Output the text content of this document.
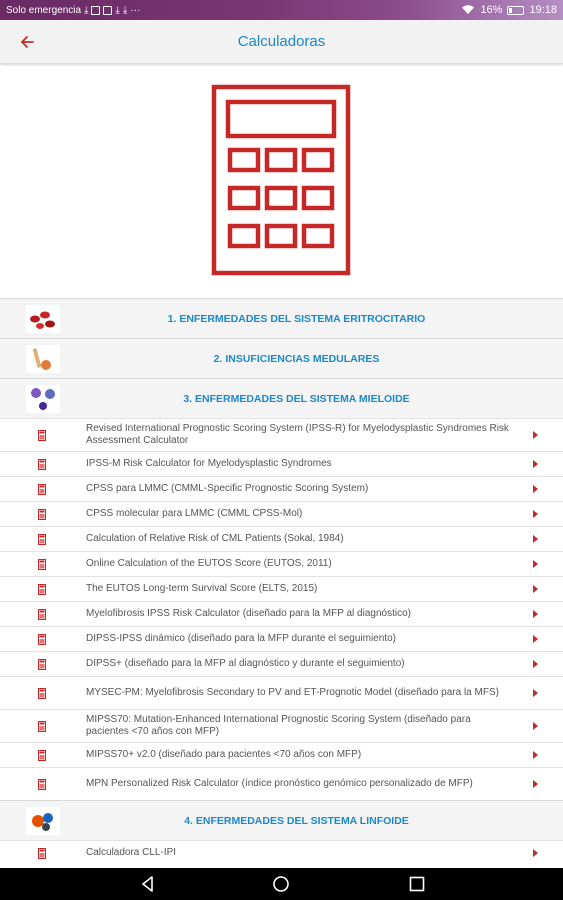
Solo emergencia ⤓	⤓ ⤓ ···	16% 19:18
Calculadoras
1. ENFERMEDADES DEL SISTEMA ERITROCITARIO
2. INSUFICIENCIAS MEDULARES
3. ENFERMEDADES DEL SISTEMA MIELOIDE
Revised International Prognostic Scoring System (IPSS-R) for Myelodysplastic Syndromes Risk Assessment Calculator
IPSS-M Risk Calculator for Myelodysplastic Syndromes
CPSS para LMMC (CMML-Specific Prognostic Scoring System)
CPSS molecular para LMMC (CMML CPSS-Mol)
Calculation of Relative Risk of CML Patients (Sokal, 1984)
Online Calculation of the EUTOS Score (EUTOS, 2011)
The EUTOS Long-term Survival Score (ELTS, 2015)
Myelofibrosis IPSS Risk Calculator (diseñado para la MFP al diagnóstico)
DIPSS-IPSS dinámico (diseñado para la MFP durante el seguimiento)
DIPSS+ (diseñado para la MFP al diagnóstico y durante el seguimiento)
MYSEC-PM: Myelofibrosis Secondary to PV and ET-Prognotic Model (diseñado para la MFS)
MIPSS70: Mutation-Enhanced International Prognostic Scoring System (diseñado para pacientes <70 años con MFP)
MIPSS70+ v2.0 (diseñado para pacientes <70 años con MFP)
MPN Personalized Risk Calculator (índice pronóstico genómico personalizado de MFP)
4. ENFERMEDADES DEL SISTEMA LINFOIDE
Calculadora CLL-IPI
